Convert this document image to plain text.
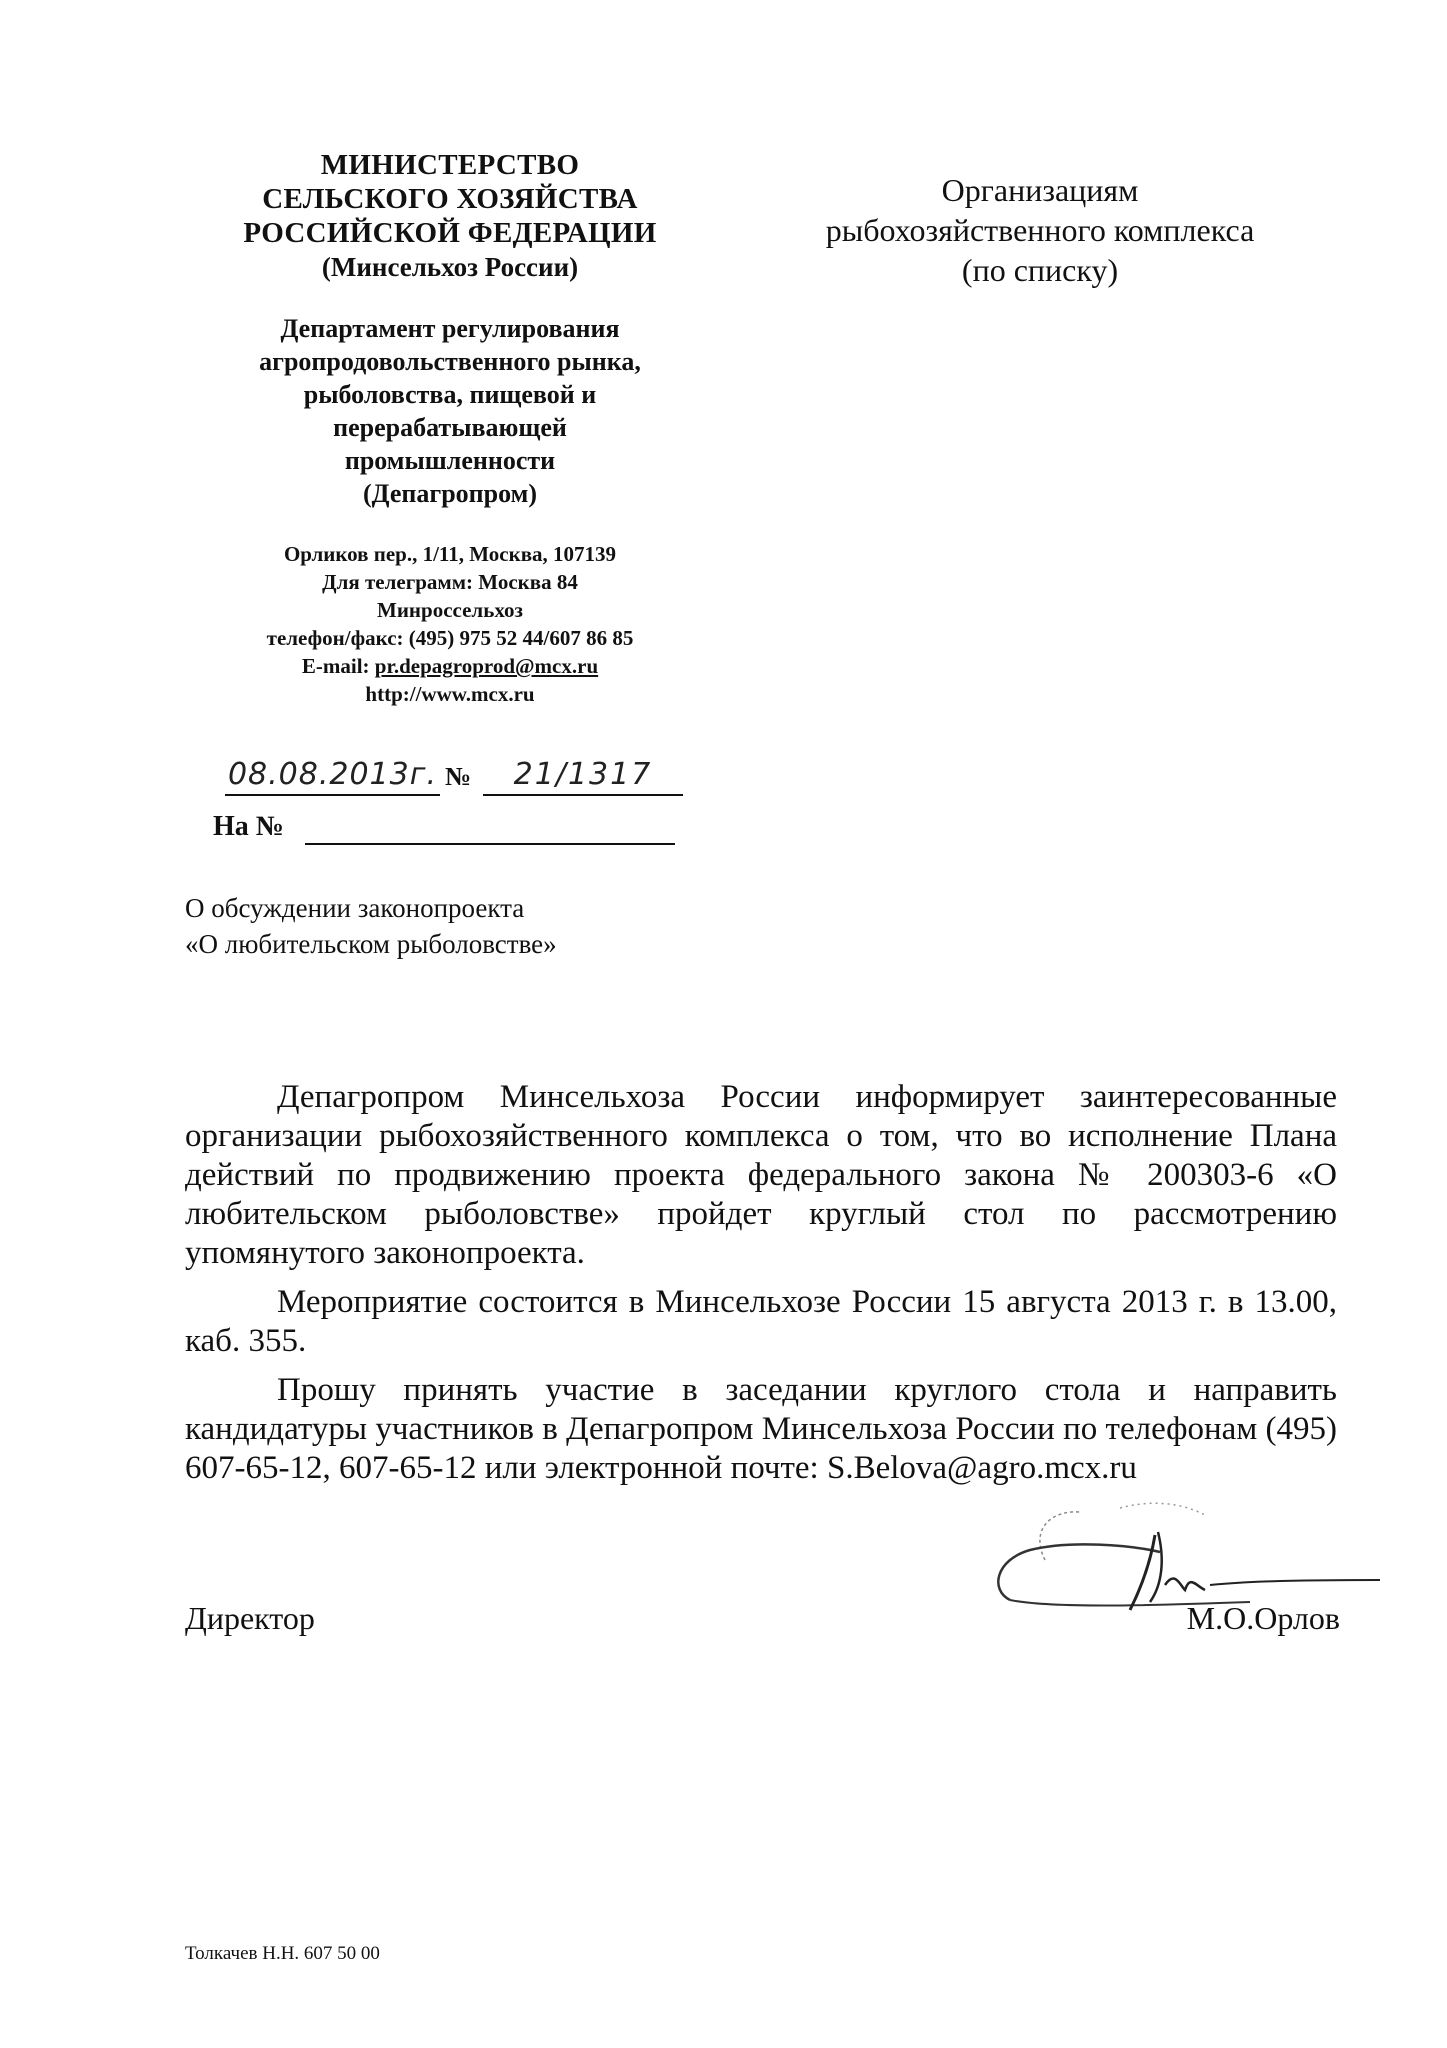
МИНИСТЕРСТВО
СЕЛЬСКОГО ХОЗЯЙСТВА
РОССИЙСКОЙ ФЕДЕРАЦИИ
(Минсельхоз России)
Департамент регулирования
агропродовольственного рынка,
рыболовства, пищевой и
перерабатывающей
промышленности
(Депагропром)
Орликов пер., 1/11, Москва, 107139
Для телеграмм: Москва 84
Минроссельхоз
телефон/факс: (495) 975 52 44/607 86 85
E-mail: pr.depagroprod@mcx.ru
http://www.mcx.ru
Организациям
рыбохозяйственного комплекса
(по списку)
08.08.2013г. №	21/1317
На №
О обсуждении законопроекта
«О любительском рыболовстве»

Депагропром Минсельхоза России информирует заинтересованные организации рыбохозяйственного комплекса о том, что во исполнение Плана действий по продвижению проекта федерального закона № 200303-6 «О любительском рыболовстве» пройдет круглый стол по рассмотрению упомянутого законопроекта.

Мероприятие состоится в Минсельхозе России 15 августа 2013 г. в 13.00, каб. 355.

Прошу принять участие в заседании круглого стола и направить кандидатуры участников в Депагропром Минсельхоза России по телефонам (495) 607-65-12, 607-65-12 или электронной почте: S.Belova@agro.mcx.ru

Директор	М.О.Орлов
Толкачев Н.Н. 607 50 00
